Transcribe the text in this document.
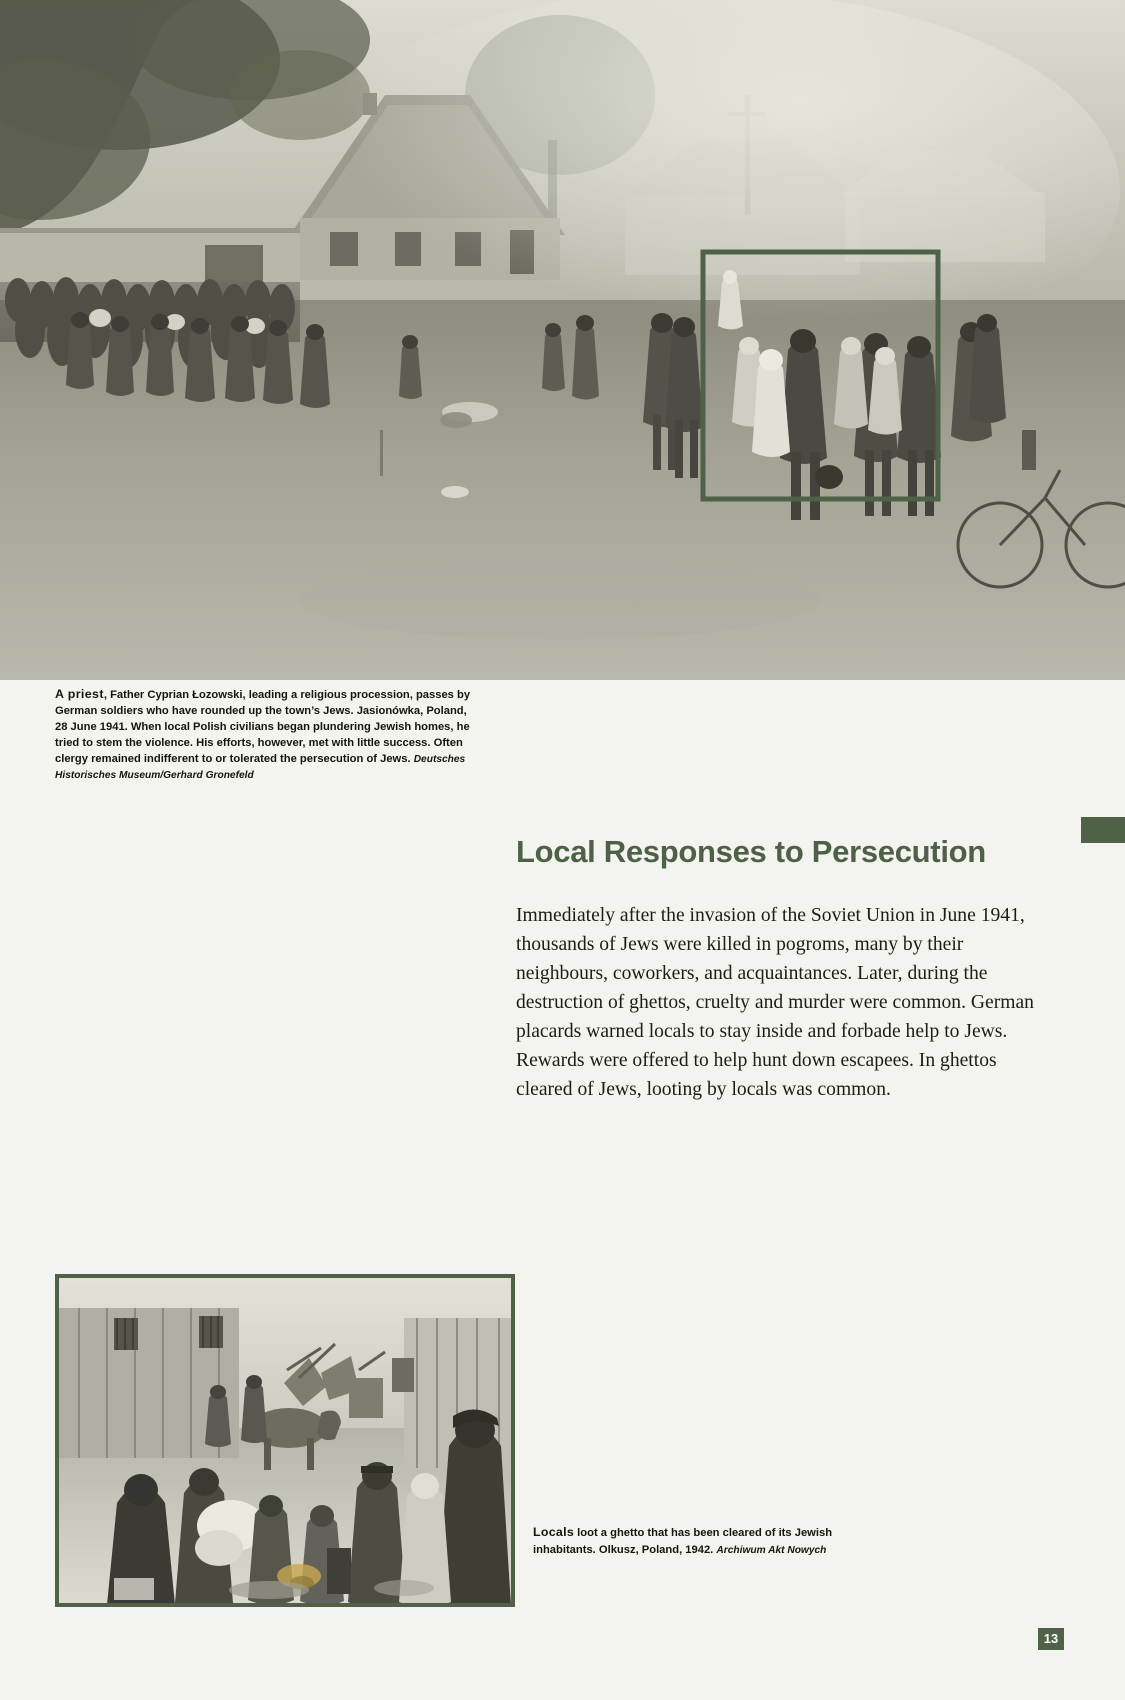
A priest, Father Cyprian Łozowski, leading a religious procession, passes by German soldiers who have rounded up the town’s Jews. Jasionówka, Poland, 28 June 1941. When local Polish civilians began plundering Jewish homes, he tried to stem the violence. His efforts, however, met with little success. Often clergy remained indifferent to or tolerated the persecution of Jews. Deutsches Historisches Museum/Gerhard Gronefeld
Local Responses to Persecution

Immediately after the invasion of the Soviet Union in June 1941, thousands of Jews were killed in pogroms, many by their neighbours, coworkers, and acquaintances. Later, during the destruction of ghettos, cruelty and murder were common. German placards warned locals to stay inside and forbade help to Jews. Rewards were offered to help hunt down escapees. In ghettos cleared of Jews, looting by locals was common.

Locals loot a ghetto that has been cleared of its Jewish inhabitants. Olkusz, Poland, 1942. Archiwum Akt Nowych
13
